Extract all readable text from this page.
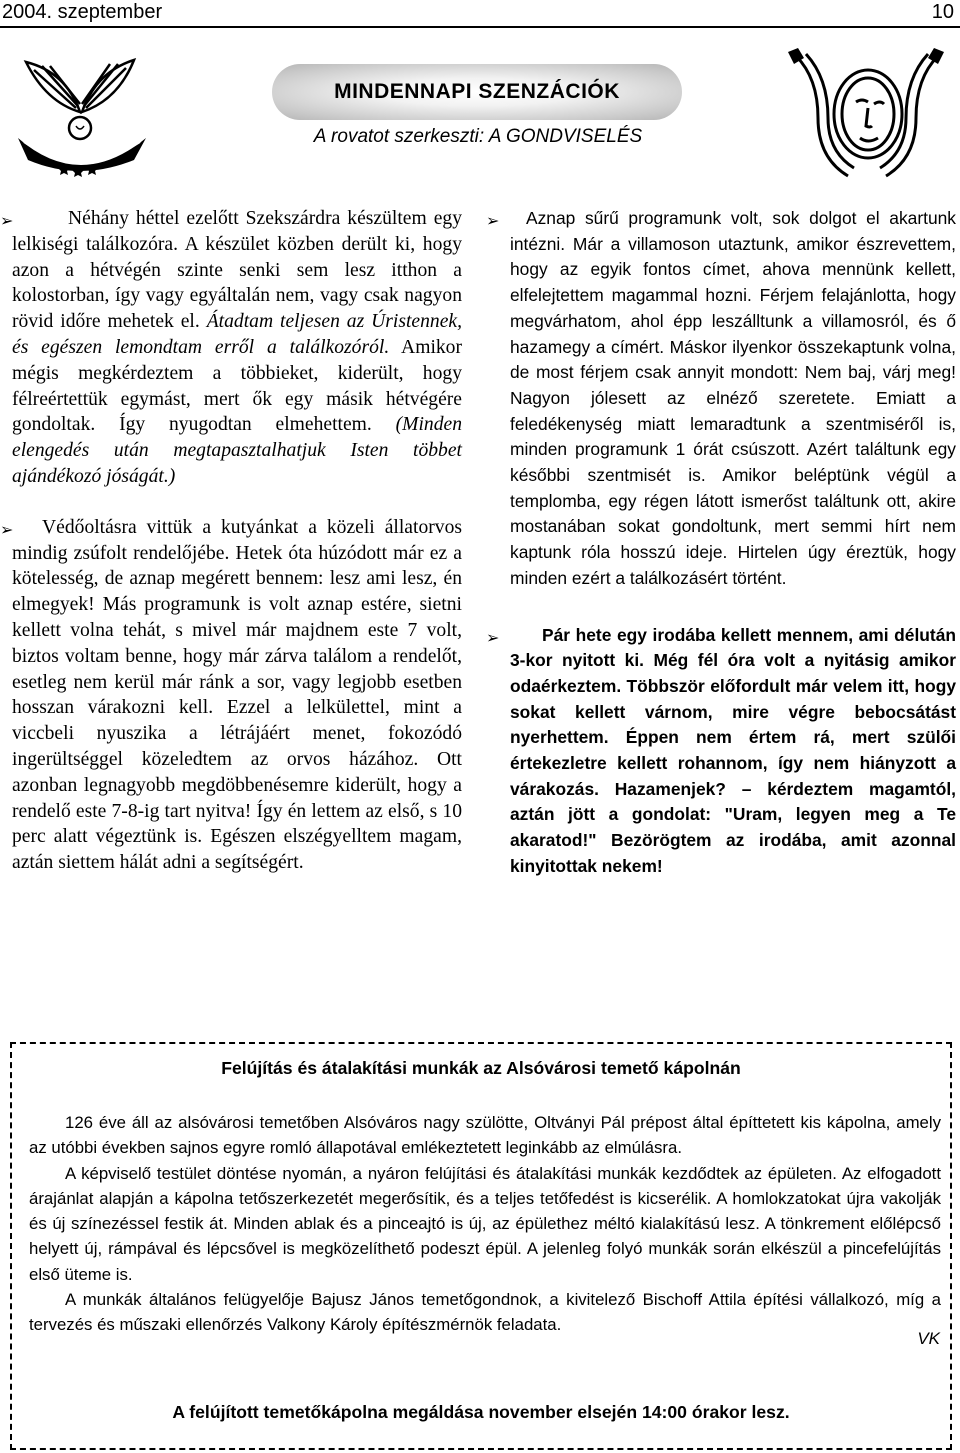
2004. szeptember	10
MINDENNAPI SZENZÁCIÓK
A rovatot szerkeszti: A GONDVISELÉS
➢	Néhány héttel ezelőtt Szekszárdra készültem egy lelkiségi találkozóra. A készület közben derült ki, hogy azon a hétvégén szinte senki sem lesz itthon a kolostorban, így vagy egyáltalán nem, vagy csak nagyon rövid időre mehetek el. Átadtam teljesen az Úristennek, és egészen lemondtam erről a találkozóról. Amikor mégis megkérdeztem a többieket, kiderült, hogy félreértettük egymást, mert ők egy másik hétvégére gondoltak. Így nyugodtan elmehettem. (Minden elengedés után megtapasztalhatjuk Isten többet ajándékozó jóságát.)

➢	Védőoltásra vittük a kutyánkat a közeli állatorvos mindig zsúfolt rendelőjébe. Hetek óta húzódott már ez a kötelesség, de aznap megérett bennem: lesz ami lesz, én elmegyek! Más programunk is volt aznap estére, sietni kellett volna tehát, s mivel már majdnem este 7 volt, biztos voltam benne, hogy már zárva találom a rendelőt, esetleg nem kerül már ránk a sor, vagy legjobb esetben hosszan várakozni kell. Ezzel a lelkülettel, mint a viccbeli nyuszika a létrájáért menet, fokozódó ingerültséggel közeledtem az orvos házához. Ott azonban legnagyobb megdöbbenésemre kiderült, hogy a rendelő este 7-8-ig tart nyitva! Így én lettem az első, s 10 perc alatt végeztünk is. Egészen elszégyelltem magam, aztán siettem hálát adni a segítségért.

➢	Aznap sűrű programunk volt, sok dolgot el akartunk intézni. Már a villamoson utaztunk, amikor észrevettem, hogy az egyik fontos címet, ahova mennünk kellett, elfelejtettem magammal hozni. Férjem felajánlotta, hogy megvárhatom, ahol épp leszálltunk a villamosról, és ő hazamegy a címért. Máskor ilyenkor összekaptunk volna, de most férjem csak annyit mondott: Nem baj, várj meg! Nagyon jólesett az elnéző szeretete. Emiatt a feledékenység miatt lemaradtunk a szentmiséről is, minden programunk 1 órát csúszott. Azért találtunk egy későbbi szentmisét is. Amikor beléptünk végül a templomba, egy régen látott ismerőst találtunk ott, akire mostanában sokat gondoltunk, mert semmi hírt nem kaptunk róla hosszú ideje. Hirtelen úgy éreztük, hogy minden ezért a találkozásért történt.

➢	Pár hete egy irodába kellett mennem, ami délután 3-kor nyitott ki. Még fél óra volt a nyitásig amikor odaérkeztem. Többször előfordult már velem itt, hogy sokat kellett várnom, mire végre bebocsátást nyerhettem. Éppen nem értem rá, mert szülői értekezletre kellett rohannom, így nem hiányzott a várakozás. Hazamenjek? – kérdeztem magamtól, aztán jött a gondolat: "Uram, legyen meg a Te akaratod!" Bezörögtem az irodába, amit azonnal kinyitottak nekem!

Felújítás és átalakítási munkák az Alsóvárosi temető kápolnán

126 éve áll az alsóvárosi temetőben Alsóváros nagy szülötte, Oltványi Pál prépost által építtetett kis kápolna, amely az utóbbi években sajnos egyre romló állapotával emlékeztetett leginkább az elmúlásra.

A képviselő testület döntése nyomán, a nyáron felújítási és átalakítási munkák kezdődtek az épületen. Az elfogadott árajánlat alapján a kápolna tetőszerkezetét megerősítik, és a teljes tetőfedést is kicserélik. A homlokzatokat újra vakolják és új színezéssel festik át. Minden ablak és a pinceajtó is új, az épülethez méltó kialakítású lesz. A tönkrement előlépcső helyett új, rámpával és lépcsővel is megközelíthető podeszt épül. A jelenleg folyó munkák során elkészül a pincefelújítás első üteme is.

A munkák általános felügyelője Bajusz János temetőgondnok, a kivitelező Bischoff Attila építési vállalkozó, míg a tervezés és műszaki ellenőrzés Valkony Károly építészmérnök feladata.

VK
A felújított temetőkápolna megáldása november elsején 14:00 órakor lesz.
